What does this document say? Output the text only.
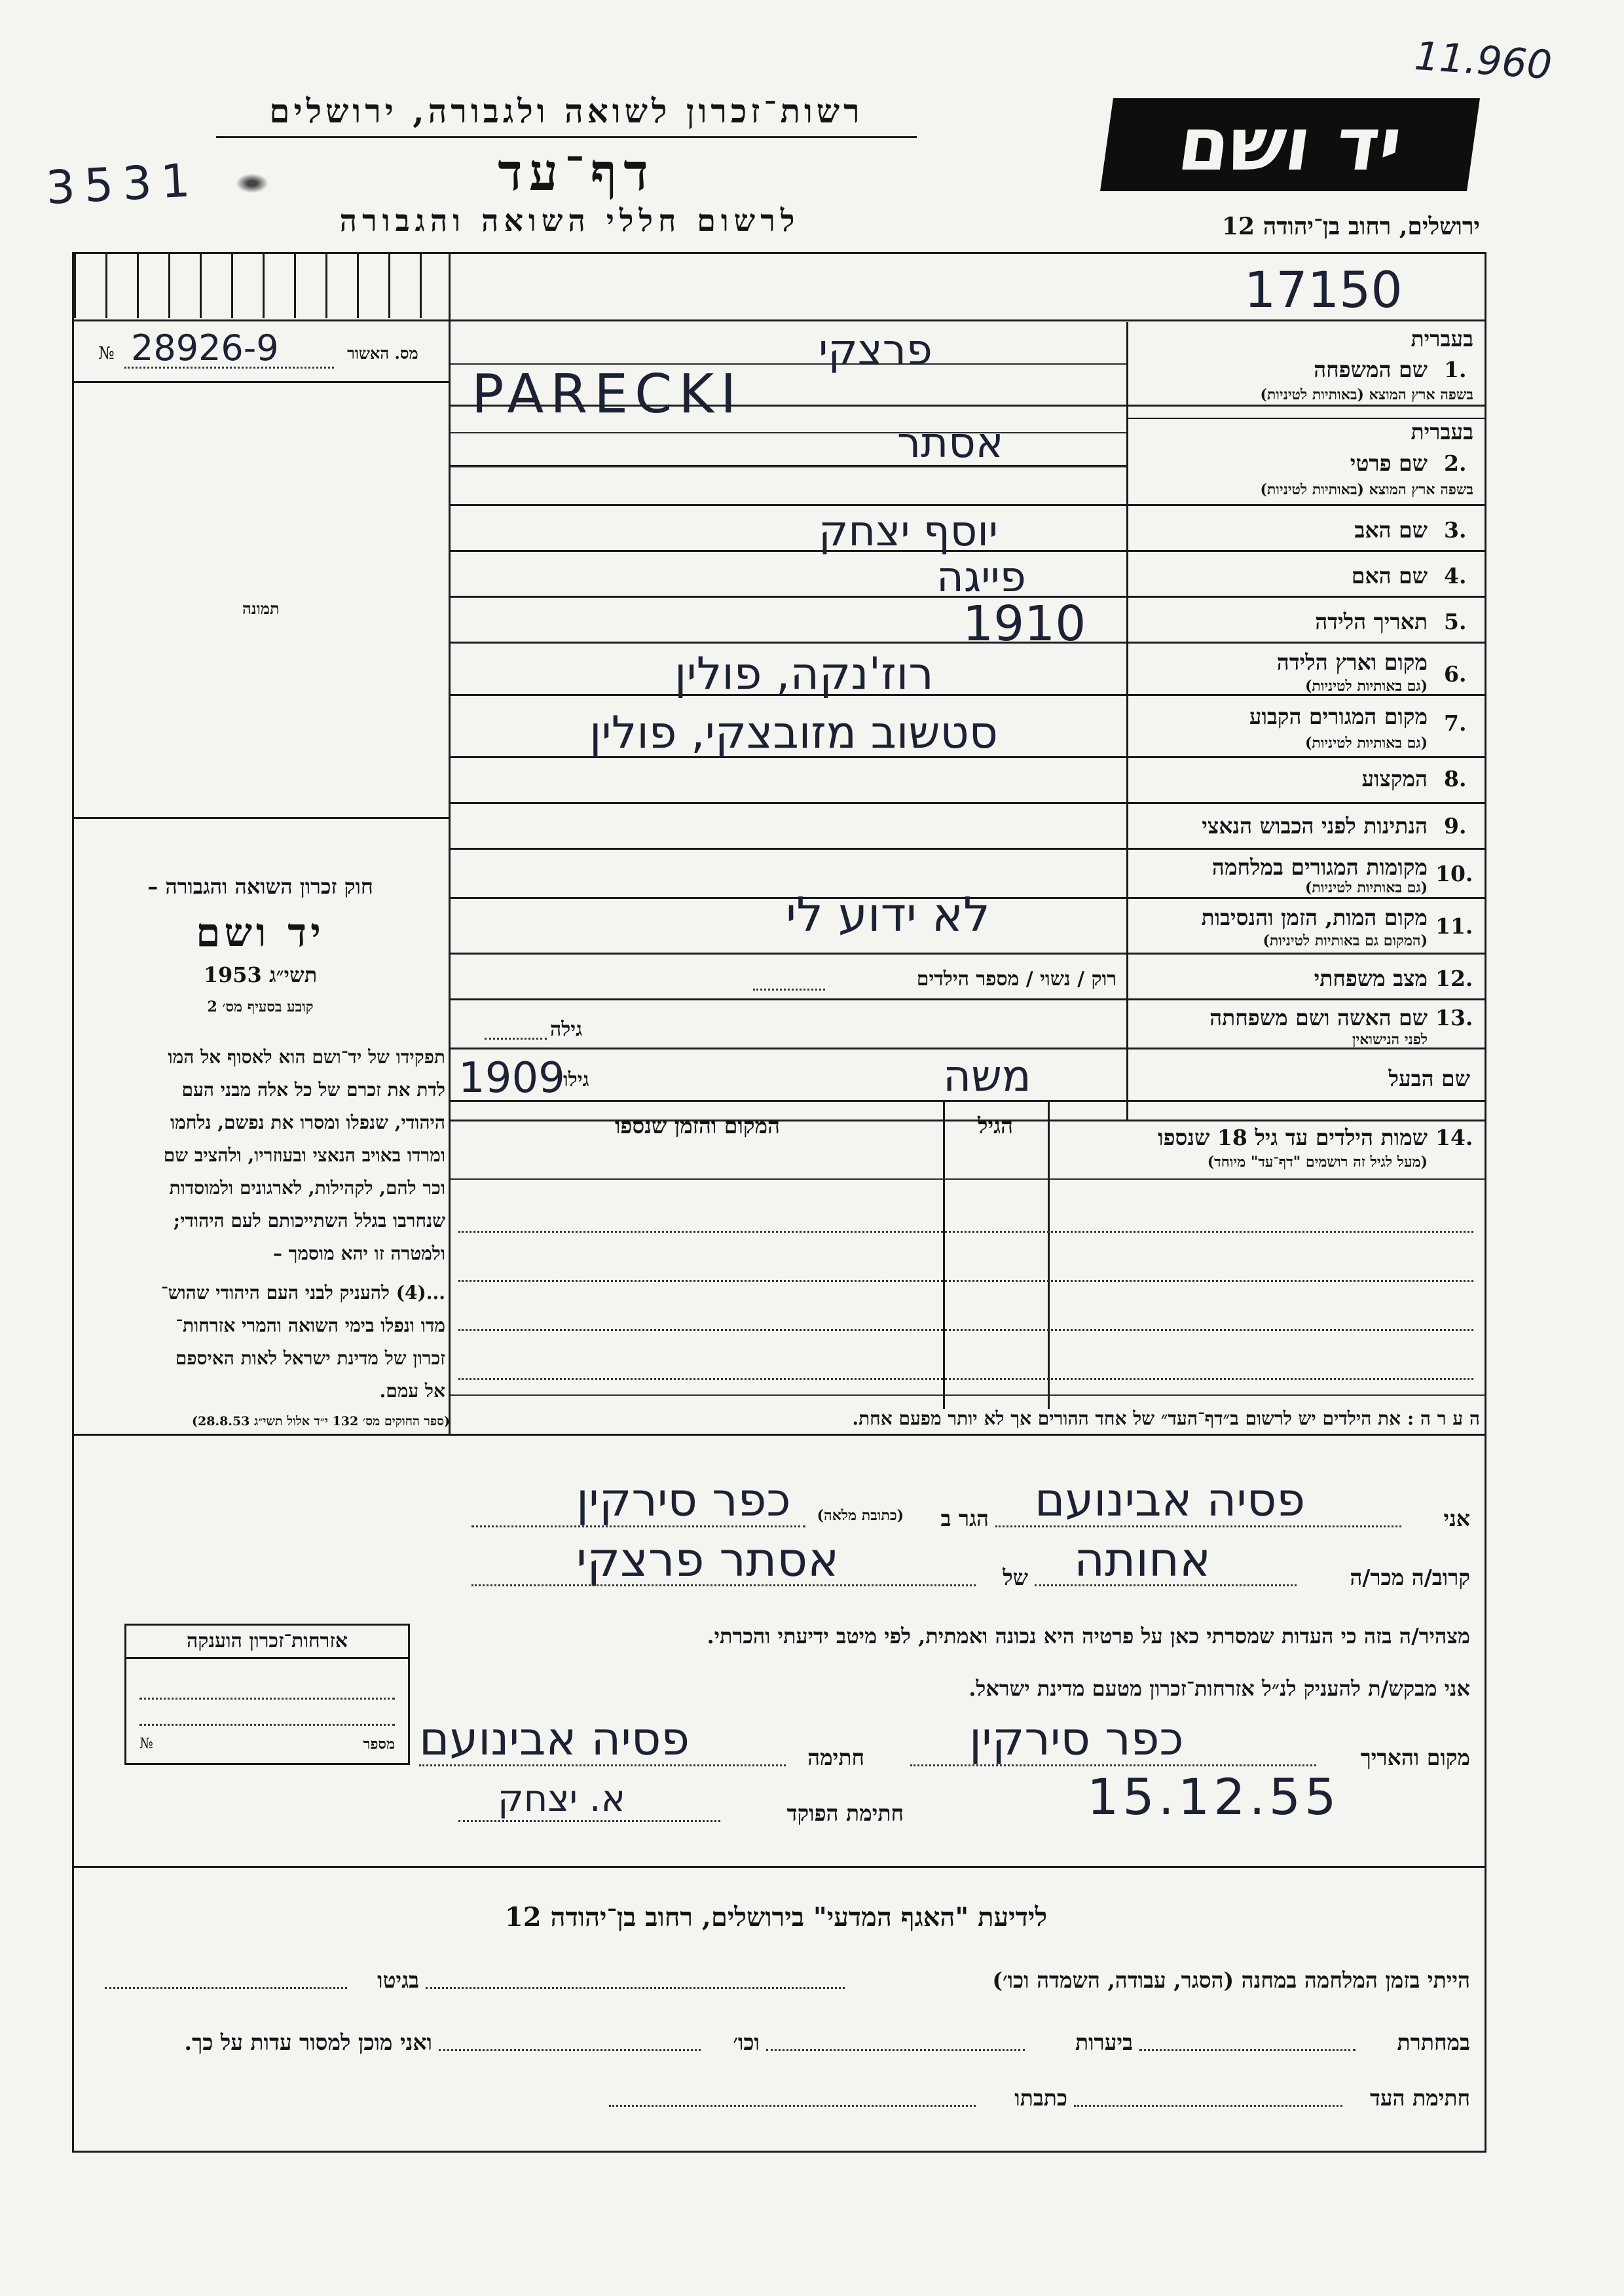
11.960
3531
רשות־זכרון לשואה ולגבורה, ירושלים
דף־עד
לרשום חללי השואה והגבורה
יד ושם
ירושלים, רחוב בן־יהודה 12
17150
מס. האשור
№ 28926-9
תמונה
חוק זכרון השואה והגבורה –
יד ושם
תשי״ג 1953
קובע בסעיף מס׳ 2
תפקידו של יד־ושם הוא לאסוף אל המו
לדת את זכרם של כל אלה מבני העם
היהודי, שנפלו ומסרו את נפשם, נלחמו
ומרדו באויב הנאצי ובעוזריו, ולהציב שם
וכר להם, לקהילות, לארגונים ולמוסדות
שנחרבו בגלל השתייכותם לעם היהודי;
ולמטרה זו יהא מוסמך –
...(4) להעניק לבני העם היהודי שהוש־
מדו ונפלו בימי השואה והמרי אזרחות־
זכרון של מדינת ישראל לאות האיספם
אל עמם.
(ספר החוקים מס׳ 132 י״ד אלול תשי״ג 28.8.53)
בעברית
שם המשפחה 1.
בשפה ארץ המוצא (באותיות לטיניות)
פרצקי
PARECKI
בעברית
שם פרטי 2.
בשפה ארץ המוצא (באותיות לטיניות)
אסתר
שם האב 3.
יוסף יצחק
שם האם 4.
פייגה
תאריך הלידה 5.
1910
מקום וארץ הלידה 6.
(גם באותיות לטיניות)
רוז'נקה, פולין
מקום המגורים הקבוע 7.
(גם באותיות לטיניות)
סטשוב מזובצקי, פולין
המקצוע 8.
הנתינות לפני הכבוש הנאצי 9.
מקומות המגורים במלחמה 10.
(גם באותיות לטיניות)
מקום המות, הזמן והנסיבות 11.
(המקום גם באותיות לטיניות)
לא ידוע לי
מצב משפחתי 12.
רוק / נשוי / מספר הילדים
שם האשה ושם משפחתה 13.
לפני הנישואין
גילה
שם הבעל
משה
גילו
1909
שמות הילדים עד גיל 18 שנספו 14.
(מעל לגיל זה רושמים "דף־עד" מיוחד)
הגיל
המקום והזמן שנספו
ה ע ר ה : את הילדים יש לרשום ב״דף־העד״ של אחד ההורים אך לא יותר מפעם אחת.
אני
פסיה אבינועם
הגר ב
(כתובת מלאה)
כפר סירקין
קרוב/ה מכר/ה
אחותה
של
אסתר פרצקי
מצהיר/ה בזה כי העדות שמסרתי כאן על פרטיה היא נכונה ואמתית, לפי מיטב ידיעתי והכרתי.
אני מבקש/ת להעניק לנ״ל אזרחות־זכרון מטעם מדינת ישראל.
אזרחות־זכרון הוענקה
מספר
№
מקום והאריך
כפר סירקין
15.12.55
חתימה
פסיה אבינועם
חתימת הפוקד
א. יצחק
לידיעת "האגף המדעי" בירושלים, רחוב בן־יהודה 12
הייתי בזמן המלחמה במחנה (הסגר, עבודה, השמדה וכו׳)
בגיטו
במחתרת
ביערות
וכו׳
ואני מוכן למסור עדות על כך.
חתימת העד
כתבתו
